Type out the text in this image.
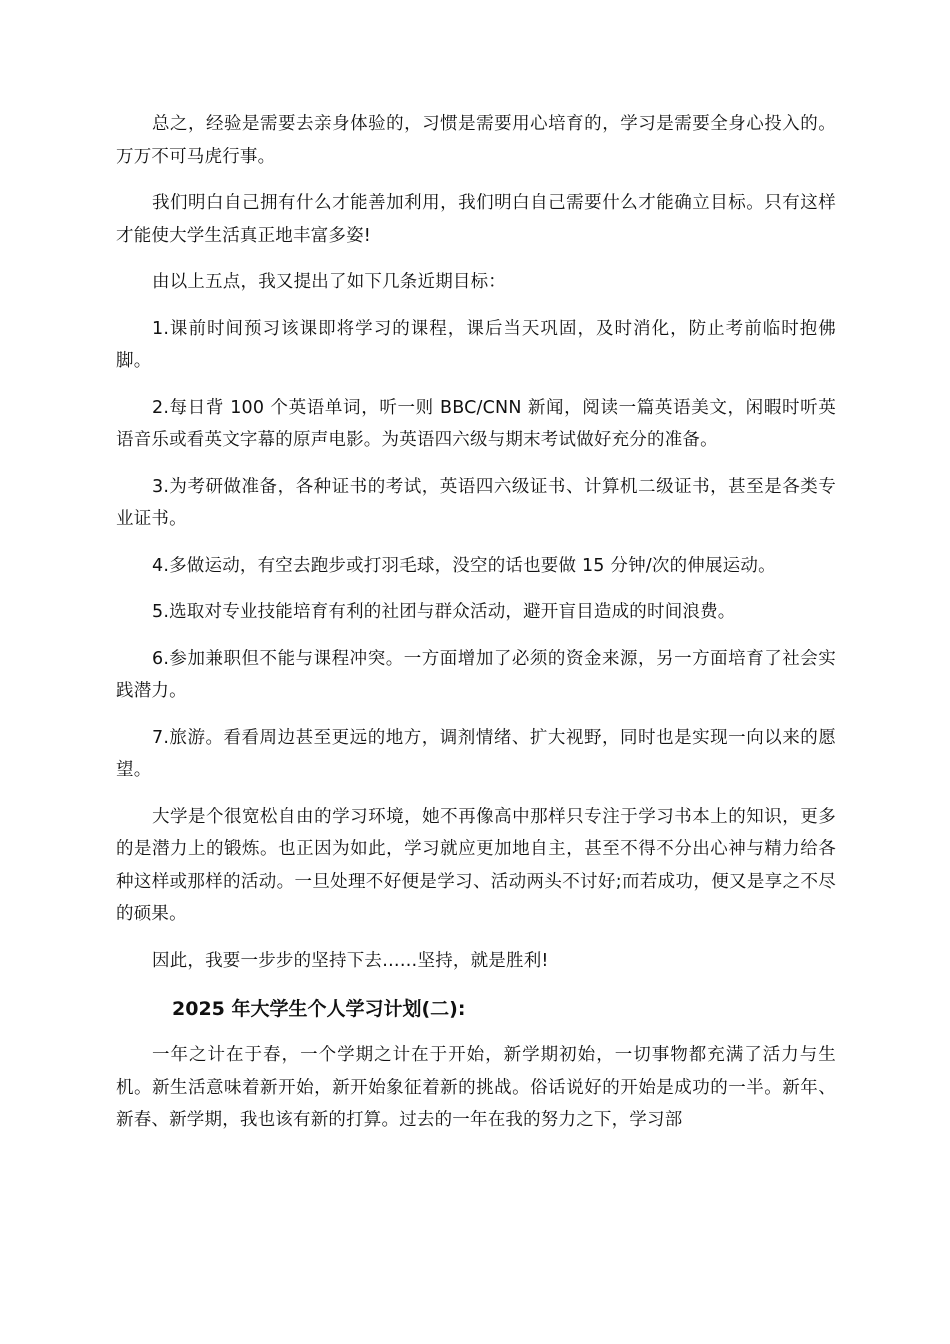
总之，经验是需要去亲身体验的，习惯是需要用心培育的，学习是需要全身心投入的。万万不可马虎行事。

我们明白自己拥有什么才能善加利用，我们明白自己需要什么才能确立目标。只有这样才能使大学生活真正地丰富多姿!

由以上五点，我又提出了如下几条近期目标：

1.课前时间预习该课即将学习的课程，课后当天巩固，及时消化，防止考前临时抱佛脚。

2.每日背 100 个英语单词，听一则 BBC/CNN 新闻，阅读一篇英语美文，闲暇时听英语音乐或看英文字幕的原声电影。为英语四六级与期末考试做好充分的准备。

3.为考研做准备，各种证书的考试，英语四六级证书、计算机二级证书，甚至是各类专业证书。

4.多做运动，有空去跑步或打羽毛球，没空的话也要做 15 分钟/次的伸展运动。

5.选取对专业技能培育有利的社团与群众活动，避开盲目造成的时间浪费。

6.参加兼职但不能与课程冲突。一方面增加了必须的资金来源，另一方面培育了社会实践潜力。

7.旅游。看看周边甚至更远的地方，调剂情绪、扩大视野，同时也是实现一向以来的愿望。

大学是个很宽松自由的学习环境，她不再像高中那样只专注于学习书本上的知识，更多的是潜力上的锻炼。也正因为如此，学习就应更加地自主，甚至不得不分出心神与精力给各种这样或那样的活动。一旦处理不好便是学习、活动两头不讨好;而若成功，便又是享之不尽的硕果。

因此，我要一步步的坚持下去……坚持，就是胜利!

2025 年大学生个人学习计划(二):

一年之计在于春，一个学期之计在于开始，新学期初始，一切事物都充满了活力与生机。新生活意味着新开始，新开始象征着新的挑战。俗话说好的开始是成功的一半。新年、新春、新学期，我也该有新的打算。过去的一年在我的努力之下，学习部
